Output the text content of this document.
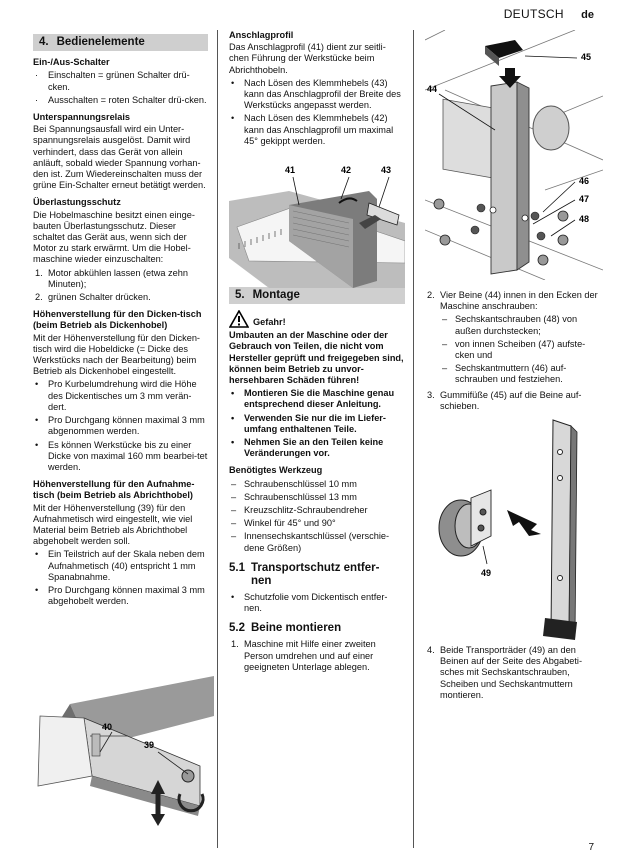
DEUTSCH de
4. Bedienelemente
Ein-/Aus-Schalter
· Einschalten = grünen Schalter drü-cken.
· Ausschalten = roten Schalter drü-cken.
Unterspannungsrelais

Bei Spannungsausfall wird ein Unter-spannungsrelais ausgelöst. Damit wird verhindert, dass das Gerät von allein anläuft, sobald wieder Spannung vorhan-den ist. Zum Wiedereinschalten muss der grüne Ein-Schalter erneut betätigt werden.

Überlastungsschutz

Die Hobelmaschine besitzt einen einge-bauten Überlastungsschutz. Dieser schaltet das Gerät aus, wenn sich der Motor zu stark erwärmt. Um die Hobel-maschine wieder einzuschalten:

1. Motor abkühlen lassen (etwa zehn Minuten);
2. grünen Schalter drücken.
Höhenverstellung für den Dicken-tisch (beim Betrieb als Dickenhobel)

Mit der Höhenverstellung für den Dicken-tisch wird die Hobeldicke (= Dicke des Werkstücks nach der Bearbeitung) beim Betrieb als Dickenhobel eingestellt.

• Pro Kurbelumdrehung wird die Höhe des Dickentisches um 3 mm verän-dert.
• Pro Durchgang können maximal 3 mm abgenommen werden.
• Es können Werkstücke bis zu einer Dicke von maximal 160 mm bearbei-tet werden.
Höhenverstellung für den Aufnahme-tisch (beim Betrieb als Abrichthobel)

Mit der Höhenverstellung (39) für den Aufnahmetisch wird eingestellt, wie viel Material beim Betrieb als Abrichthobel abgehobelt werden soll.

• Ein Teilstrich auf der Skala neben dem Aufnahmetisch (40) entspricht 1 mm Spanabnahme.
• Pro Durchgang können maximal 3 mm abgehobelt werden.
40
39
Anschlagprofil

Das Anschlagprofil (41) dient zur seitli-chen Führung der Werkstücke beim Abrichthobeln.

• Nach Lösen des Klemmhebels (43) kann das Anschlagprofil der Breite des Werkstücks angepasst werden.
• Nach Lösen des Klemmhebels (42) kann das Anschlagprofil um maximal 45° gekippt werden.
5. Montage
Gefahr!

Umbauten an der Maschine oder der Gebrauch von Teilen, die nicht vom Hersteller geprüft und freigegeben sind, können beim Betrieb zu unvor-hersehbaren Schäden führen!

• Montieren Sie die Maschine genau entsprechend dieser Anleitung.
• Verwenden Sie nur die im Liefer-umfang enthaltenen Teile.
• Nehmen Sie an den Teilen keine Veränderungen vor.
Benötigtes Werkzeug
– Schraubenschlüssel 10 mm
– Schraubenschlüssel 13 mm
– Kreuzschlitz-Schraubendreher
– Winkel für 45° und 90°
– Innensechskantschlüssel (verschie-dene Größen)
5.1 Transportschutz entfer-
nen
• Schutzfolie vom Dickentisch entfer-nen.
5.2 Beine montieren
1. Maschine mit Hilfe einer zweiten Person umdrehen und auf einer geeigneten Unterlage ablegen.
41	42	43
45
44
46
47
48
2. Vier Beine (44) innen in den Ecken der Maschine anschrauben:
– Sechskantschrauben (48) von außen durchstecken;
– von innen Scheiben (47) aufste-cken und
– Sechskantmuttern (46) auf-schrauben und festziehen.
3. Gummifüße (45) auf die Beine auf-schieben.
49
4. Beide Transporträder (49) an den Beinen auf der Seite des Abgabeti-sches mit Sechskantschrauben, Scheiben und Sechskantmuttern montieren.
7
